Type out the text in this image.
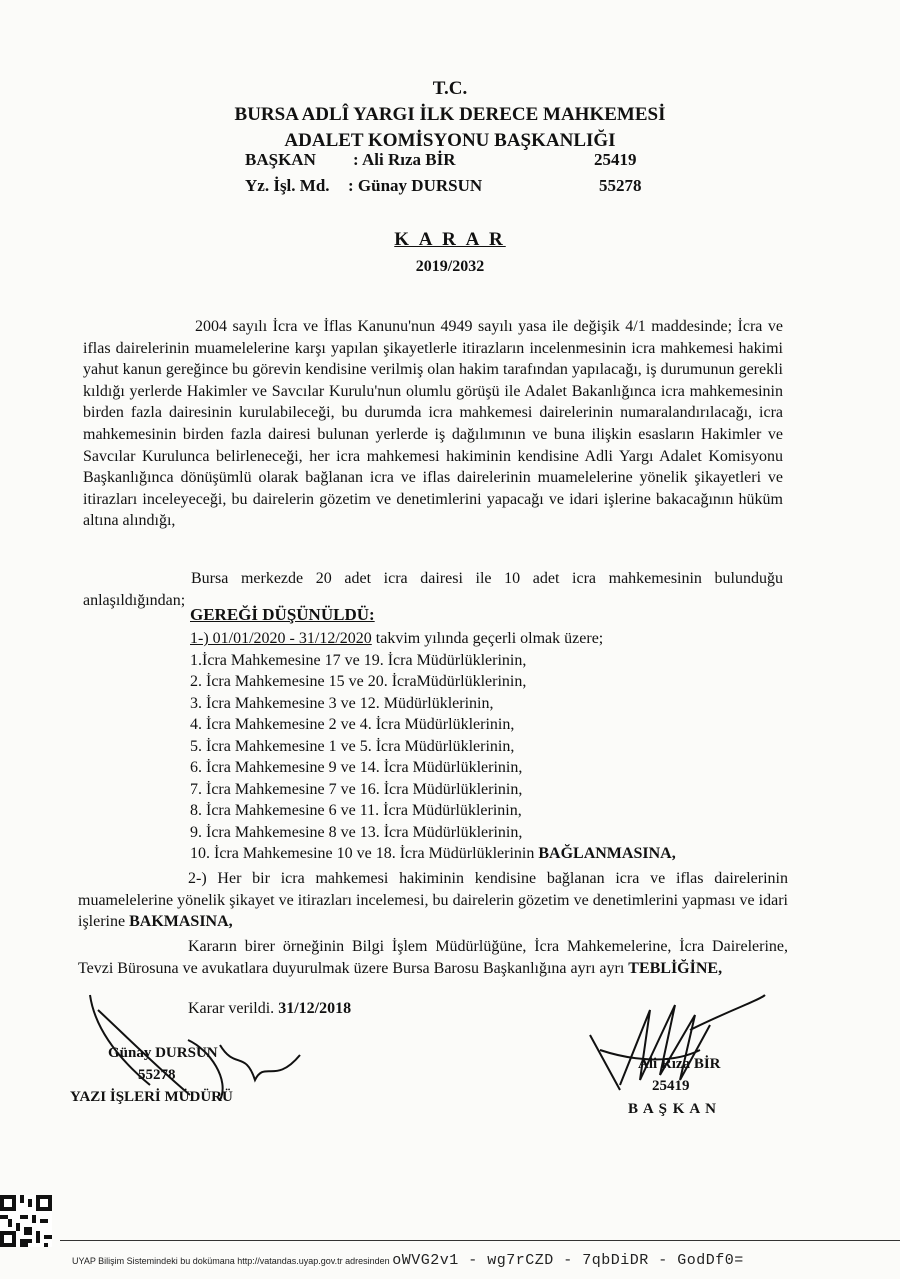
T.C.
BURSA ADLÎ YARGI İLK DERECE MAHKEMESİ
ADALET KOMİSYONU BAŞKANLIĞI
BAŞKAN : Ali Rıza BİR	25419
Yz. İşl. Md. : Günay DURSUN	55278
K A R A R
2019/2032

2004 sayılı İcra ve İflas Kanunu'nun 4949 sayılı yasa ile değişik 4/1 maddesinde; İcra ve iflas dairelerinin muamelelerine karşı yapılan şikayetlerle itirazların incelenmesinin icra mahkemesi hakimi yahut kanun gereğince bu görevin kendisine verilmiş olan hakim tarafından yapılacağı, iş durumunun gerekli kıldığı yerlerde Hakimler ve Savcılar Kurulu'nun olumlu görüşü ile Adalet Bakanlığınca icra mahkemesinin birden fazla dairesinin kurulabileceği, bu durumda icra mahkemesi dairelerinin numaralandırılacağı, icra mahkemesinin birden fazla dairesi bulunan yerlerde iş dağılımının ve buna ilişkin esasların Hakimler ve Savcılar Kurulunca belirleneceği, her icra mahkemesi hakiminin kendisine Adli Yargı Adalet Komisyonu Başkanlığınca dönüşümlü olarak bağlanan icra ve iflas dairelerinin muamelelerine yönelik şikayetleri ve itirazları inceleyeceği, bu dairelerin gözetim ve denetimlerini yapacağı ve idari işlerine bakacağının hüküm altına alındığı,

Bursa merkezde 20 adet icra dairesi ile 10 adet icra mahkemesinin bulunduğu anlaşıldığından;

GEREĞİ DÜŞÜNÜLDÜ:
1-) 01/01/2020 - 31/12/2020 takvim yılında geçerli olmak üzere;
1.İcra Mahkemesine 17 ve 19. İcra Müdürlüklerinin,
2. İcra Mahkemesine 15 ve 20. İcraMüdürlüklerinin,
3. İcra Mahkemesine 3 ve 12. Müdürlüklerinin,
4. İcra Mahkemesine 2 ve 4. İcra Müdürlüklerinin,
5. İcra Mahkemesine 1 ve 5. İcra Müdürlüklerinin,
6. İcra Mahkemesine 9 ve 14. İcra Müdürlüklerinin,
7. İcra Mahkemesine 7 ve 16. İcra Müdürlüklerinin,
8. İcra Mahkemesine 6 ve 11. İcra Müdürlüklerinin,
9. İcra Mahkemesine 8 ve 13. İcra Müdürlüklerinin,
10. İcra Mahkemesine 10 ve 18. İcra Müdürlüklerinin BAĞLANMASINA,

2-) Her bir icra mahkemesi hakiminin kendisine bağlanan icra ve iflas dairelerinin muamelelerine yönelik şikayet ve itirazları incelemesi, bu dairelerin gözetim ve denetimlerini yapması ve idari işlerine BAKMASINA,

Kararın birer örneğinin Bilgi İşlem Müdürlüğüne, İcra Mahkemelerine, İcra Dairelerine, Tevzi Bürosuna ve avukatlara duyurulmak üzere Bursa Barosu Başkanlığına ayrı ayrı TEBLİĞİNE,

Karar verildi. 31/12/2018
Günay DURSUN
55278
YAZI İŞLERİ MÜDÜRÜ
Ali Rıza BİR
25419
B A Ş K A N
UYAP Bilişim Sistemindeki bu dokümana http://vatandas.uyap.gov.tr adresinden oWVG2v1 - wg7rCZD - 7qbDiDR - GodDf0=
